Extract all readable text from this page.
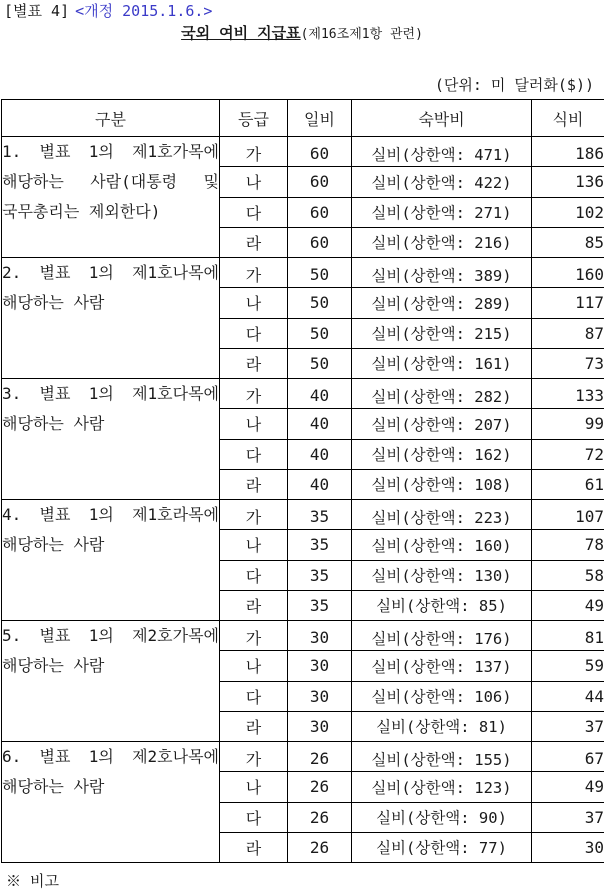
[별표 4] <개정 2015.1.6.>
국외 여비 지급표(제16조제1항 관련)
(단위: 미 달러화($))
구분	등급	일비	숙박비	식비
1. 별표 1의 제1호가목에 해당하는 사람(대통령 및 국무총리는 제외한다)	가	60	실비(상한액: 471)	186
	나	60	실비(상한액: 422)	136
	다	60	실비(상한액: 271)	102
	라	60	실비(상한액: 216)	85
2. 별표 1의 제1호나목에 해당하는 사람	가	50	실비(상한액: 389)	160
	나	50	실비(상한액: 289)	117
	다	50	실비(상한액: 215)	87
	라	50	실비(상한액: 161)	73
3. 별표 1의 제1호다목에 해당하는 사람	가	40	실비(상한액: 282)	133
	나	40	실비(상한액: 207)	99
	다	40	실비(상한액: 162)	72
	라	40	실비(상한액: 108)	61
4. 별표 1의 제1호라목에 해당하는 사람	가	35	실비(상한액: 223)	107
	나	35	실비(상한액: 160)	78
	다	35	실비(상한액: 130)	58
	라	35	실비(상한액: 85)	49
5. 별표 1의 제2호가목에 해당하는 사람	가	30	실비(상한액: 176)	81
	나	30	실비(상한액: 137)	59
	다	30	실비(상한액: 106)	44
	라	30	실비(상한액: 81)	37
6. 별표 1의 제2호나목에 해당하는 사람	가	26	실비(상한액: 155)	67
	나	26	실비(상한액: 123)	49
	다	26	실비(상한액: 90)	37
	라	26	실비(상한액: 77)	30
※ 비고
